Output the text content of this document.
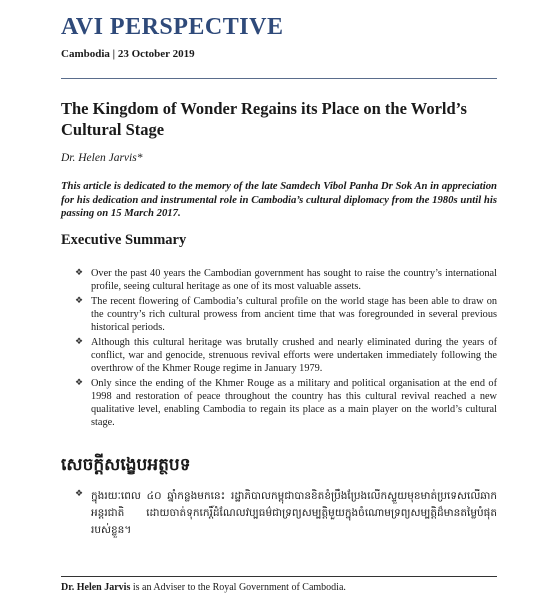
AVI PERSPECTIVE
Cambodia | 23 October 2019
The Kingdom of Wonder Regains its Place on the World’s Cultural Stage
Dr. Helen Jarvis*
This article is dedicated to the memory of the late Samdech Vibol Panha Dr Sok An in appreciation for his dedication and instrumental role in Cambodia’s cultural diplomacy from the 1980s until his passing on 15 March 2017.
Executive Summary
❖ Over the past 40 years the Cambodian government has sought to raise the country’s international profile, seeing cultural heritage as one of its most valuable assets.
❖ The recent flowering of Cambodia’s cultural profile on the world stage has been able to draw on the country’s rich cultural prowess from ancient time that was foregrounded in several previous historical periods.
❖ Although this cultural heritage was brutally crushed and nearly eliminated during the years of conflict, war and genocide, strenuous revival efforts were undertaken immediately following the overthrow of the Khmer Rouge regime in January 1979.
❖ Only since the ending of the Khmer Rouge as a military and political organisation at the end of 1998 and restoration of peace throughout the country has this cultural revival reached a new qualitative level, enabling Cambodia to regain its place as a main player on the world’s cultural stage.
សេចក្តីសង្ខេបអត្ថបទ
❖ ក្នុងរយៈពេល ៤០ ឆ្នាំកន្លងមកនេះ រដ្ឋាភិបាលកម្ពុជាបានខិតខំប្រឹងប្រែងលើកស្ទួយមុខមាត់ប្រទេសលើឆាកអន្តរជាតិ ដោយចាត់ទុកកេរ្តិ៍ដំណែលវប្បធម៌ជាទ្រព្យសម្បត្តិមួយក្នុងចំណោមទ្រព្យសម្បត្តិដ៏មានតម្លៃបំផុតរបស់ខ្លួន។
Dr. Helen Jarvis is an Adviser to the Royal Government of Cambodia.
